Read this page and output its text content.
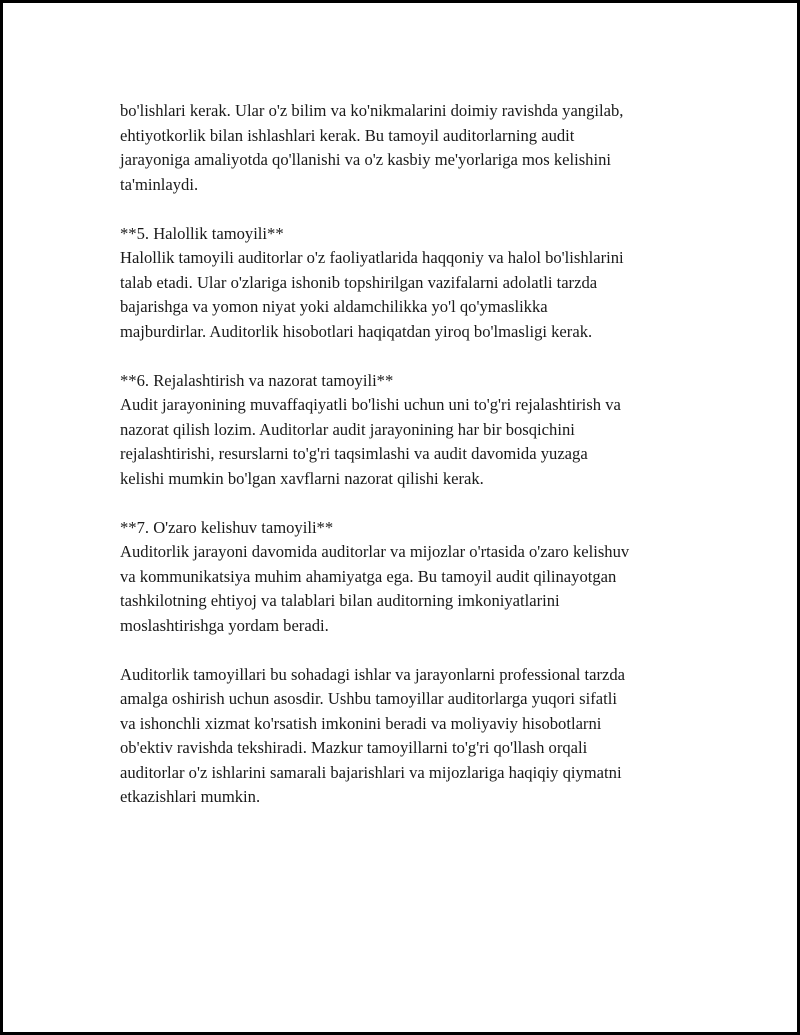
bo'lishlari kerak. Ular o'z bilim va ko'nikmalarini doimiy ravishda yangilab,
ehtiyotkorlik bilan ishlashlari kerak. Bu tamoyil auditorlarning audit
jarayoniga amaliyotda qo'llanishi va o'z kasbiy me'yorlariga mos kelishini
ta'minlaydi.
**5. Halollik tamoyili**
Halollik tamoyili auditorlar o'z faoliyatlarida haqqoniy va halol bo'lishlarini
talab etadi. Ular o'zlariga ishonib topshirilgan vazifalarni adolatli tarzda
bajarishga va yomon niyat yoki aldamchilikka yo'l qo'ymaslikka
majburdirlar. Auditorlik hisobotlari haqiqatdan yiroq bo'lmasligi kerak.
**6. Rejalashtirish va nazorat tamoyili**
Audit jarayonining muvaffaqiyatli bo'lishi uchun uni to'g'ri rejalashtirish va
nazorat qilish lozim. Auditorlar audit jarayonining har bir bosqichini
rejalashtirishi, resurslarni to'g'ri taqsimlashi va audit davomida yuzaga
kelishi mumkin bo'lgan xavflarni nazorat qilishi kerak.
**7. O'zaro kelishuv tamoyili**
Auditorlik jarayoni davomida auditorlar va mijozlar o'rtasida o'zaro kelishuv
va kommunikatsiya muhim ahamiyatga ega. Bu tamoyil audit qilinayotgan
tashkilotning ehtiyoj va talablari bilan auditorning imkoniyatlarini
moslashtirishga yordam beradi.
Auditorlik tamoyillari bu sohadagi ishlar va jarayonlarni professional tarzda
amalga oshirish uchun asosdir. Ushbu tamoyillar auditorlarga yuqori sifatli
va ishonchli xizmat ko'rsatish imkonini beradi va moliyaviy hisobotlarni
ob'ektiv ravishda tekshiradi. Mazkur tamoyillarni to'g'ri qo'llash orqali
auditorlar o'z ishlarini samarali bajarishlari va mijozlariga haqiqiy qiymatni
etkazishlari mumkin.
